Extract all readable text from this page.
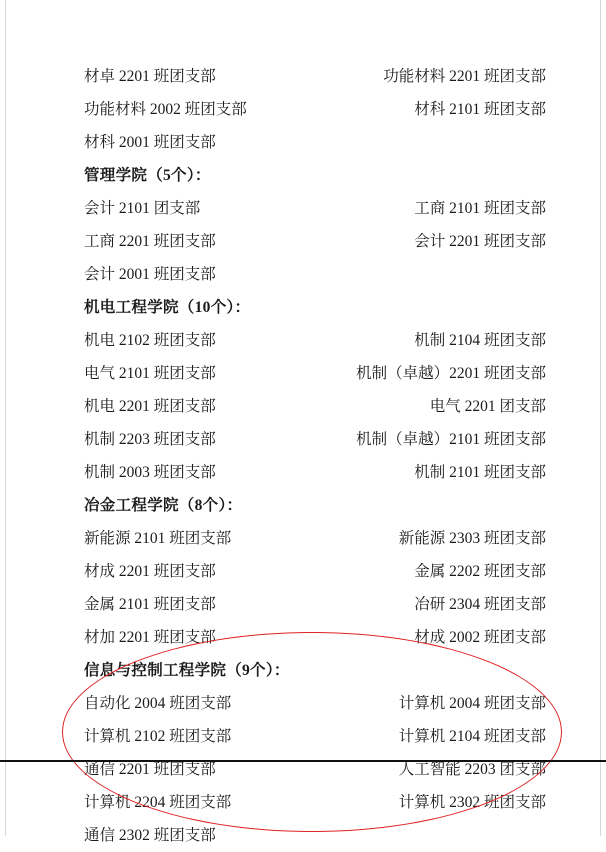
材卓 2201 班团支部	功能材料 2201 班团支部
功能材料 2002 班团支部	材科 2101 班团支部
材科 2001 班团支部
管理学院（5个）：
会计 2101 团支部	工商 2101 班团支部
工商 2201 班团支部	会计 2201 班团支部
会计 2001 班团支部
机电工程学院（10个）：
机电 2102 班团支部	机制 2104 班团支部
电气 2101 班团支部	机制（卓越）2201 班团支部
机电 2201 班团支部	电气 2201 团支部
机制 2203 班团支部	机制（卓越）2101 班团支部
机制 2003 班团支部	机制 2101 班团支部
冶金工程学院（8个）：
新能源 2101 班团支部	新能源 2303 班团支部
材成 2201 班团支部	金属 2202 班团支部
金属 2101 班团支部	冶研 2304 班团支部
材加 2201 班团支部	材成 2002 班团支部
信息与控制工程学院（9个）：
自动化 2004 班团支部	计算机 2004 班团支部
计算机 2102 班团支部	计算机 2104 班团支部
通信 2201 班团支部	人工智能 2203 团支部
计算机 2204 班团支部	计算机 2302 班团支部
通信 2302 班团支部
